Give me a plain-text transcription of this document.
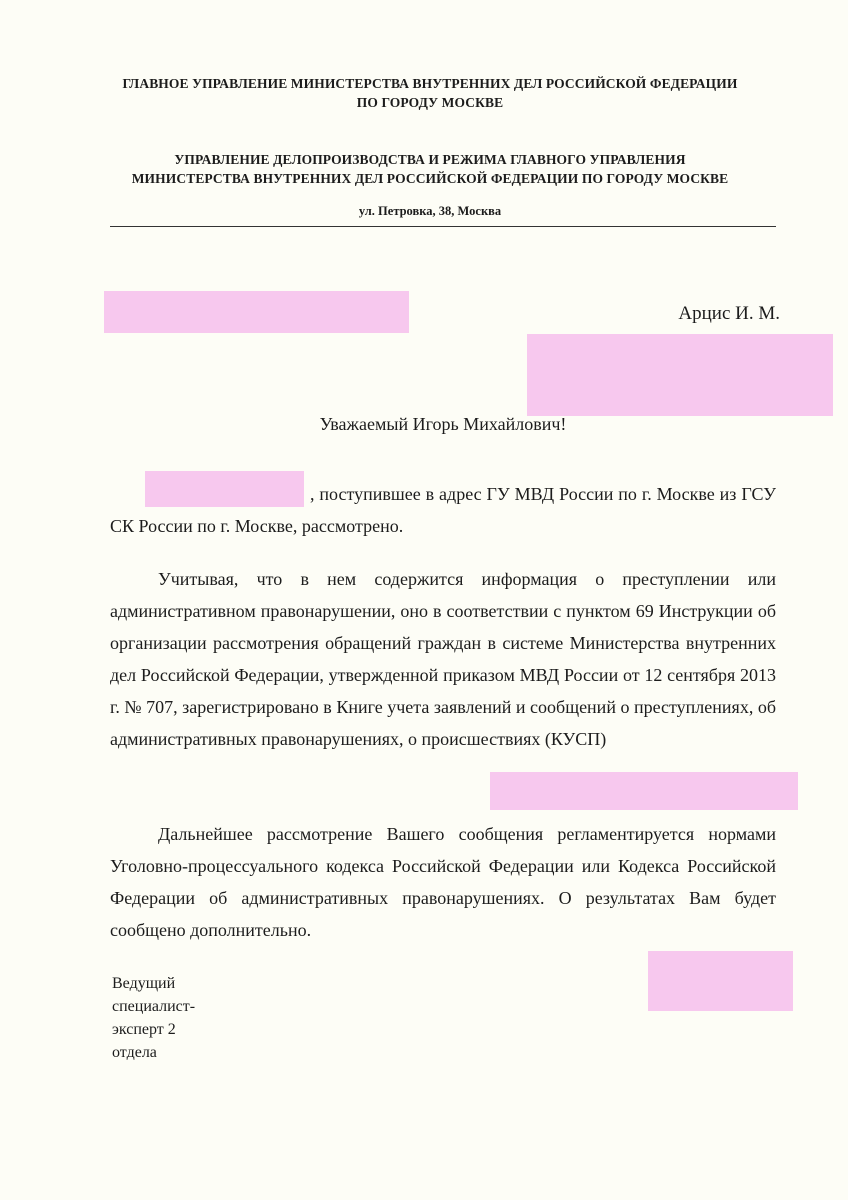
ГЛАВНОЕ УПРАВЛЕНИЕ МИНИСТЕРСТВА ВНУТРЕННИХ ДЕЛ РОССИЙСКОЙ ФЕДЕРАЦИИ
ПО ГОРОДУ МОСКВЕ
УПРАВЛЕНИЕ ДЕЛОПРОИЗВОДСТВА И РЕЖИМА ГЛАВНОГО УПРАВЛЕНИЯ
МИНИСТЕРСТВА ВНУТРЕННИХ ДЕЛ РОССИЙСКОЙ ФЕДЕРАЦИИ ПО ГОРОДУ МОСКВЕ
ул. Петровка, 38, Москва
Арцис И. М.
Уважаемый Игорь Михайлович!
, поступившее в адрес ГУ МВД России по г. Москве из ГСУ СК России по г. Москве, рассмотрено.
Учитывая, что в нем содержится информация о преступлении или административном правонарушении, оно в соответствии с пунктом 69 Инструкции об организации рассмотрения обращений граждан в системе Министерства внутренних дел Российской Федерации, утвержденной приказом МВД России от 12 сентября 2013 г. № 707, зарегистрировано в Книге учета заявлений и сообщений о преступлениях, об административных правонарушениях, о происшествиях (КУСП)
Дальнейшее рассмотрение Вашего сообщения регламентируется нормами Уголовно-процессуального кодекса Российской Федерации или Кодекса Российской Федерации об административных правонарушениях. О результатах Вам будет сообщено дополнительно.
Ведущий
специалист-
эксперт 2
отдела
